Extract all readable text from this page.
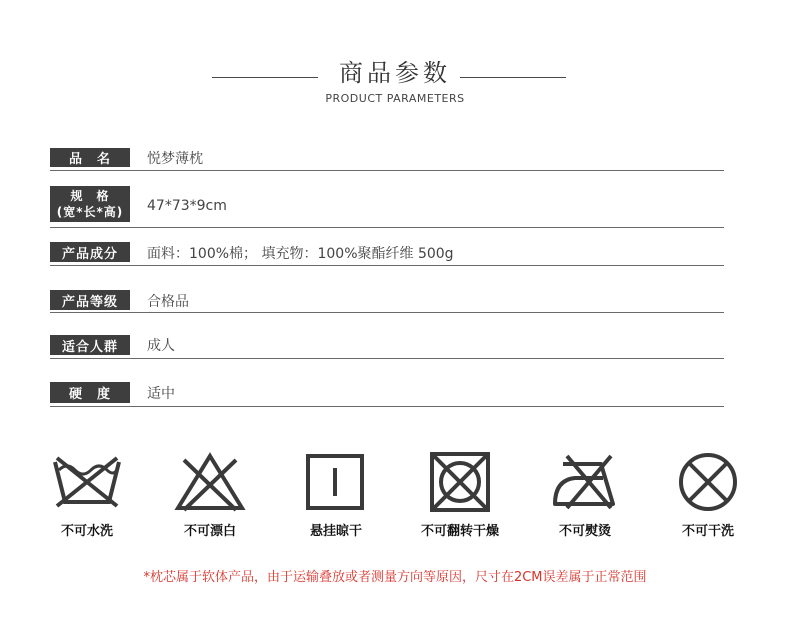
商品参数
PRODUCT PARAMETERS
品　名	悦梦薄枕
规　格
(宽*长*高) 47*73*9cm
产品成分	面料：100%棉； 填充物：100%聚酯纤维 500g
产品等级	合格品
适合人群	成人
硬　度	适中
不可水洗	不可漂白	悬挂晾干	不可翻转干燥	不可熨烫	不可干洗
*枕芯属于软体产品，由于运输叠放或者测量方向等原因，尺寸在2CM误差属于正常范围
